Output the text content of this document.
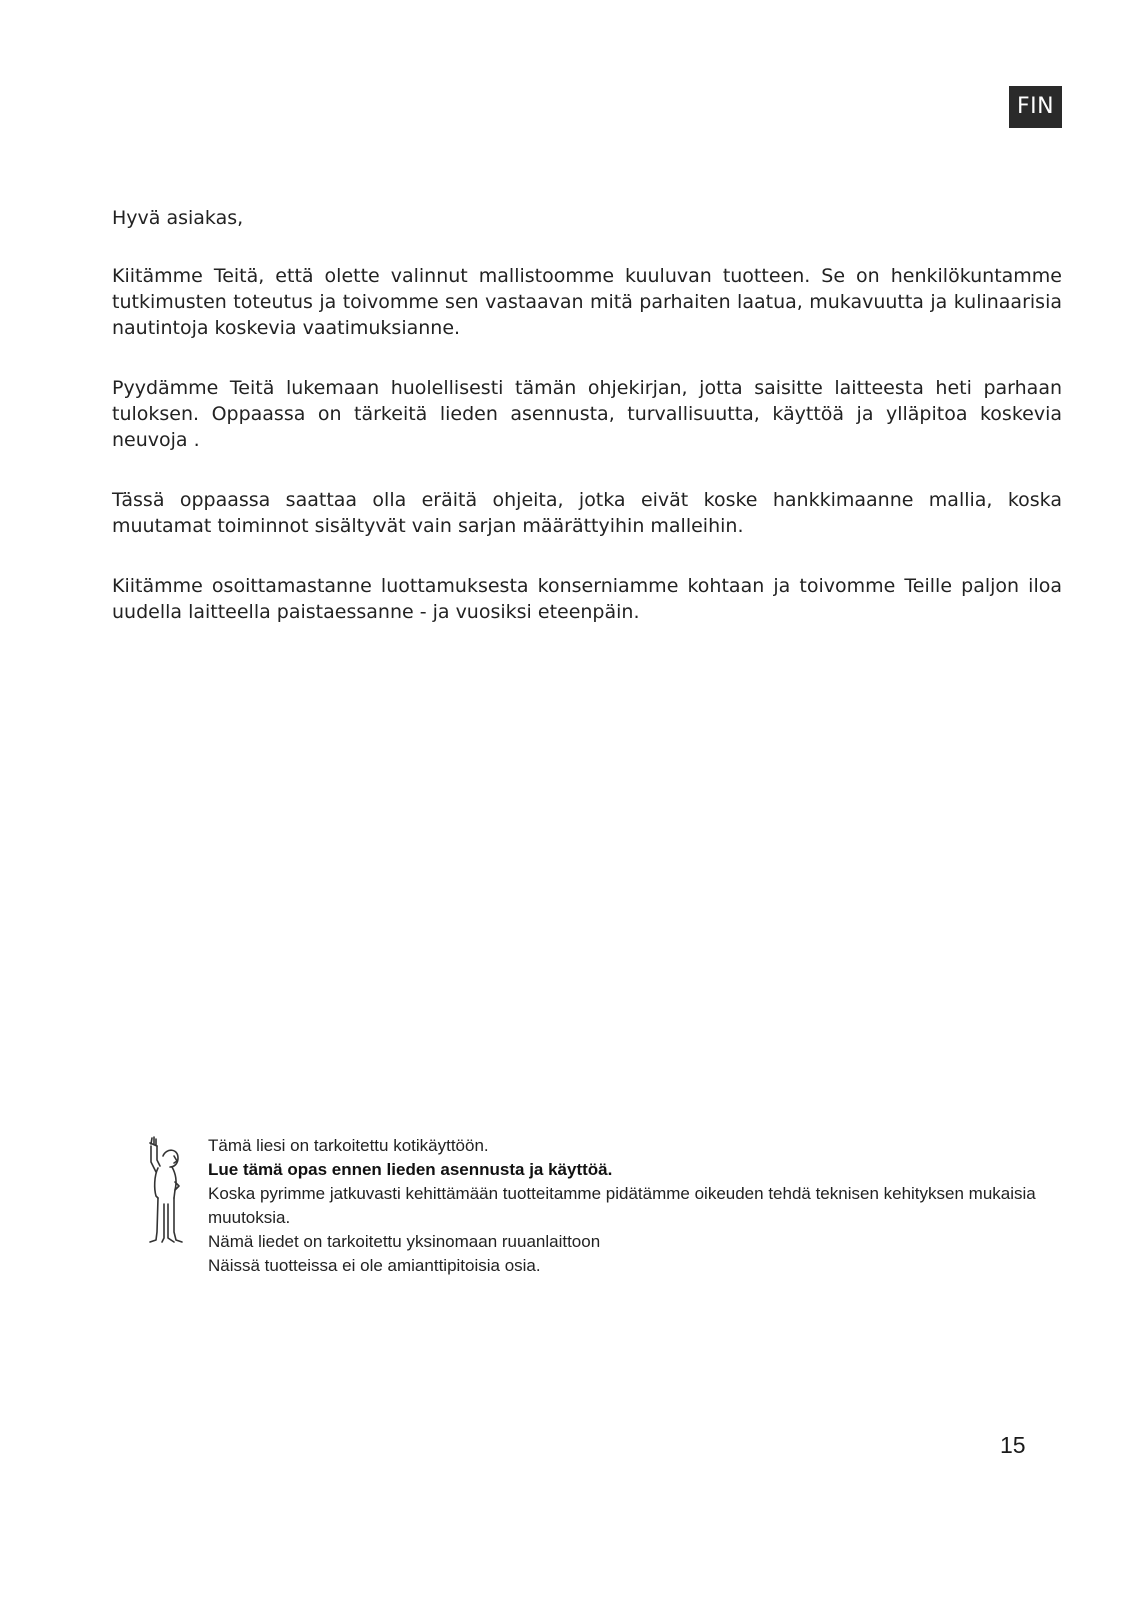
FIN

Hyvä asiakas,

Kiitämme Teitä, että olette valinnut mallistoomme kuuluvan tuotteen. Se on henkilökuntamme tutkimusten toteutus ja toivomme sen vastaavan mitä parhaiten laatua, mukavuutta ja kulinaarisia nautintoja koskevia vaatimuksianne.

Pyydämme Teitä lukemaan huolellisesti tämän ohjekirjan, jotta saisitte laitteesta heti parhaan tuloksen. Oppaassa on tärkeitä lieden asennusta, turvallisuutta, käyttöä ja ylläpitoa koskevia neuvoja .

Tässä oppaassa saattaa olla eräitä ohjeita, jotka eivät koske hankkimaanne mallia, koska muutamat toiminnot sisältyvät vain sarjan määrättyihin malleihin.

Kiitämme osoittamastanne luottamuksesta konserniamme kohtaan ja toivomme Teille paljon iloa uudella laitteella paistaessanne - ja vuosiksi eteenpäin.

Tämä liesi on tarkoitettu kotikäyttöön.
Lue tämä opas ennen lieden asennusta ja käyttöä.
Koska pyrimme jatkuvasti kehittämään tuotteitamme pidätämme oikeuden tehdä teknisen kehityksen mukaisia muutoksia.
Nämä liedet on tarkoitettu yksinomaan ruuanlaittoon
Näissä tuotteissa ei ole amianttipitoisia osia.
15
